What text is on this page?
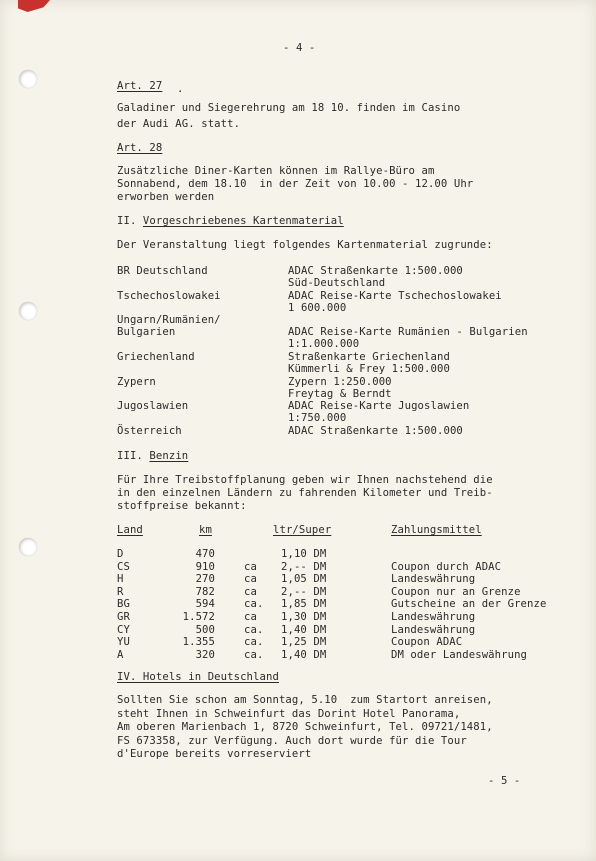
- 4 -
Art. 27 .
Galadiner und Siegerehrung am 18 10. finden im Casino
der Audi AG. statt.
Art. 28
Zusätzliche Diner-Karten können im Rallye-Büro am
Sonnabend, dem 18.10  in der Zeit von 10.00 - 12.00 Uhr
erworben werden
II. Vorgeschriebenes Kartenmaterial
Der Veranstaltung liegt folgendes Kartenmaterial zugrunde:
BR Deutschland	ADAC Straßenkarte 1:500.000
Süd-Deutschland
Tschechoslowakei	ADAC Reise-Karte Tschechoslowakei
1 600.000
Ungarn/Rumänien/
Bulgarien	ADAC Reise-Karte Rumänien - Bulgarien
1:1.000.000
Griechenland	Straßenkarte Griechenland
Kümmerli & Frey 1:500.000
Zypern	Zypern 1:250.000
Freytag & Berndt
Jugoslawien	ADAC Reise-Karte Jugoslawien
1:750.000
Österreich	ADAC Straßenkarte 1:500.000
III. Benzin
Für Ihre Treibstoffplanung geben wir Ihnen nachstehend die
in den einzelnen Ländern zu fahrenden Kilometer und Treib-
stoffpreise bekannt:
Land	km	ltr/Super	Zahlungsmittel
D	470	1,10 DM
CS	910	ca 2,-- DM	Coupon durch ADAC
H	270	ca 1,05 DM	Landeswährung
R	782	ca 2,-- DM	Coupon nur an Grenze
BG	594	ca. 1,85 DM	Gutscheine an der Grenze
GR	1.572	ca 1,30 DM	Landeswährung
CY	500	ca. 1,40 DM	Landeswährung
YU	1.355	ca. 1,25 DM	Coupon ADAC
A	320	ca. 1,40 DM	DM oder Landeswährung
IV. Hotels in Deutschland
Sollten Sie schon am Sonntag, 5.10  zum Startort anreisen,
steht Ihnen in Schweinfurt das Dorint Hotel Panorama,
Am oberen Marienbach 1, 8720 Schweinfurt, Tel. 09721/1481,
FS 673358, zur Verfügung. Auch dort wurde für die Tour
d'Europe bereits vorreserviert
- 5 -
